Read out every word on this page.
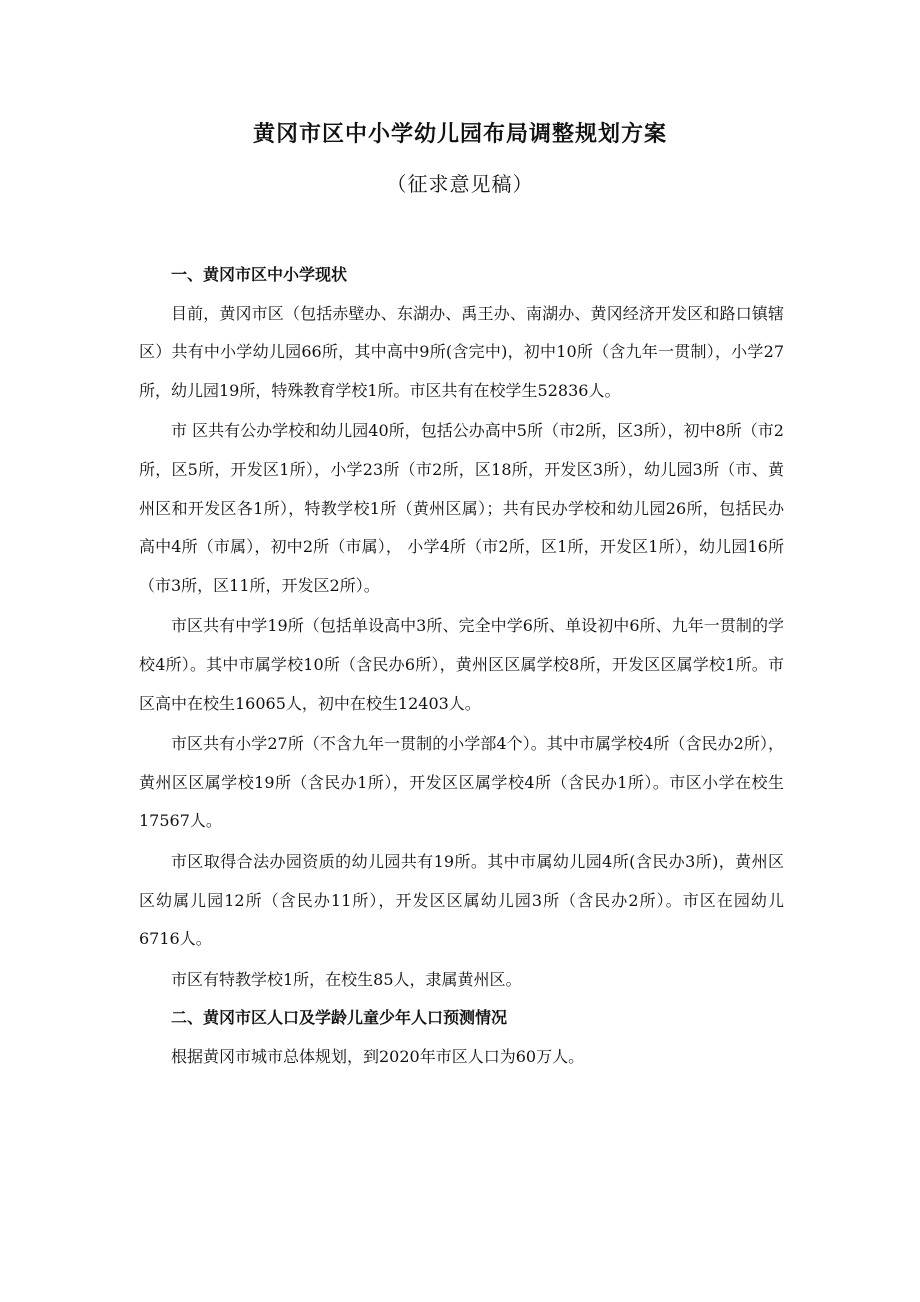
黄冈市区中小学幼儿园布局调整规划方案
（征求意见稿）
一、黄冈市区中小学现状

目前，黄冈市区（包括赤壁办、东湖办、禹王办、南湖办、黄冈经济开发区和路口镇辖区）共有中小学幼儿园66所，其中高中9所(含完中)，初中10所（含九年一贯制），小学27所，幼儿园19所，特殊教育学校1所。市区共有在校学生52836人。

市 区共有公办学校和幼儿园40所，包括公办高中5所（市2所，区3所），初中8所（市2所，区5所，开发区1所），小学23所（市2所，区18所，开发区3所），幼儿园3所（市、黄州区和开发区各1所），特教学校1所（黄州区属）；共有民办学校和幼儿园26所，包括民办高中4所（市属），初中2所（市属）， 小学4所（市2所，区1所，开发区1所），幼儿园16所（市3所，区11所，开发区2所）。

市区共有中学19所（包括单设高中3所、完全中学6所、单设初中6所、九年一贯制的学校4所）。其中市属学校10所（含民办6所），黄州区区属学校8所，开发区区属学校1所。市区高中在校生16065人，初中在校生12403人。

市区共有小学27所（不含九年一贯制的小学部4个）。其中市属学校4所（含民办2所），黄州区区属学校19所（含民办1所），开发区区属学校4所（含民办1所）。市区小学在校生17567人。

市区取得合法办园资质的幼儿园共有19所。其中市属幼儿园4所(含民办3所)，黄州区区幼属儿园12所（含民办11所），开发区区属幼儿园3所（含民办2所）。市区在园幼儿6716人。

市区有特教学校1所，在校生85人，隶属黄州区。

二、黄冈市区人口及学龄儿童少年人口预测情况

根据黄冈市城市总体规划，到2020年市区人口为60万人。
